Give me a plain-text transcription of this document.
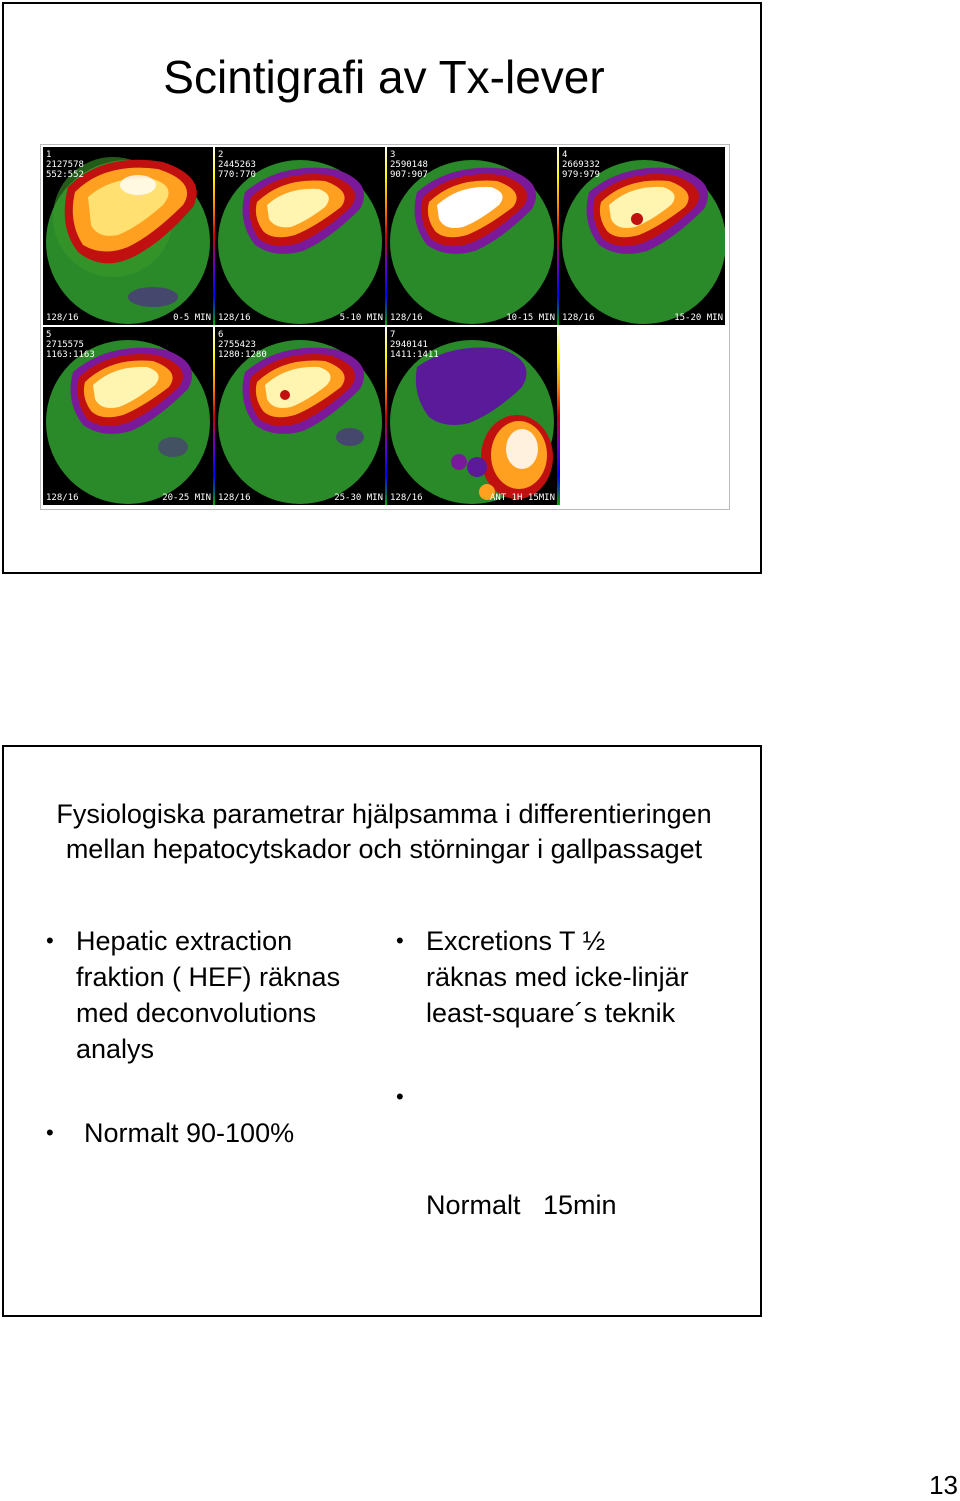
Scintigrafi av Tx-lever
1
2127578
552:552
128/16	0-5 MIN
2
2445263
770:770
128/16	5-10 MIN
3
2590148
907:907
128/16	10-15 MIN
4
2669332
979:979
128/16	15-20 MIN
5
2715575
1163:1163
128/16	20-25 MIN
6
2755423
1280:1280
128/16	25-30 MIN
7
2940141
1411:1411
128/16	ANT 1H 15MIN
Fysiologiska parametrar hjälpsamma i differentieringen
mellan hepatocytskador och störningar i gallpassaget
• Hepatic extraction
fraktion ( HEF) räknas
med deconvolutions
analys
• Normalt 90-100%
• Excretions T ½
räknas med icke-linjär
least-square´s teknik

•

Normalt   15min

13
